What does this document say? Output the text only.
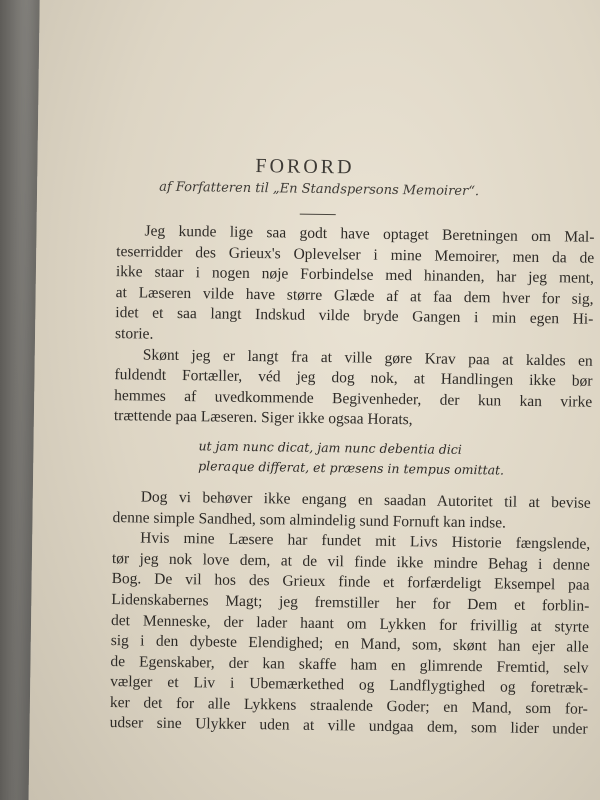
FORORD
af Forfatteren til „En Standspersons Memoirer“.
Jeg kunde lige saa godt have optaget Beretningen om Mal-
teserridder des Grieux's Oplevelser i mine Memoirer, men da de
ikke staar i nogen nøje Forbindelse med hinanden, har jeg ment,
at Læseren vilde have større Glæde af at faa dem hver for sig,
idet et saa langt Indskud vilde bryde Gangen i min egen Hi-
storie.
Skønt jeg er langt fra at ville gøre Krav paa at kaldes en
fuldendt Fortæller, véd jeg dog nok, at Handlingen ikke bør
hemmes af uvedkommende Begivenheder, der kun kan virke
trættende paa Læseren. Siger ikke ogsaa Horats,
ut jam nunc dicat, jam nunc debentia dici
pleraque differat, et præsens in tempus omittat.
Dog vi behøver ikke engang en saadan Autoritet til at bevise
denne simple Sandhed, som almindelig sund Fornuft kan indse.
Hvis mine Læsere har fundet mit Livs Historie fængslende,
tør jeg nok love dem, at de vil finde ikke mindre Behag i denne
Bog. De vil hos des Grieux finde et forfærdeligt Eksempel paa
Lidenskabernes Magt; jeg fremstiller her for Dem et forblin-
det Menneske, der lader haant om Lykken for frivillig at styrte
sig i den dybeste Elendighed; en Mand, som, skønt han ejer alle
de Egenskaber, der kan skaffe ham en glimrende Fremtid, selv
vælger et Liv i Ubemærkethed og Landflygtighed og foretræk-
ker det for alle Lykkens straalende Goder; en Mand, som for-
udser sine Ulykker uden at ville undgaa dem, som lider under
